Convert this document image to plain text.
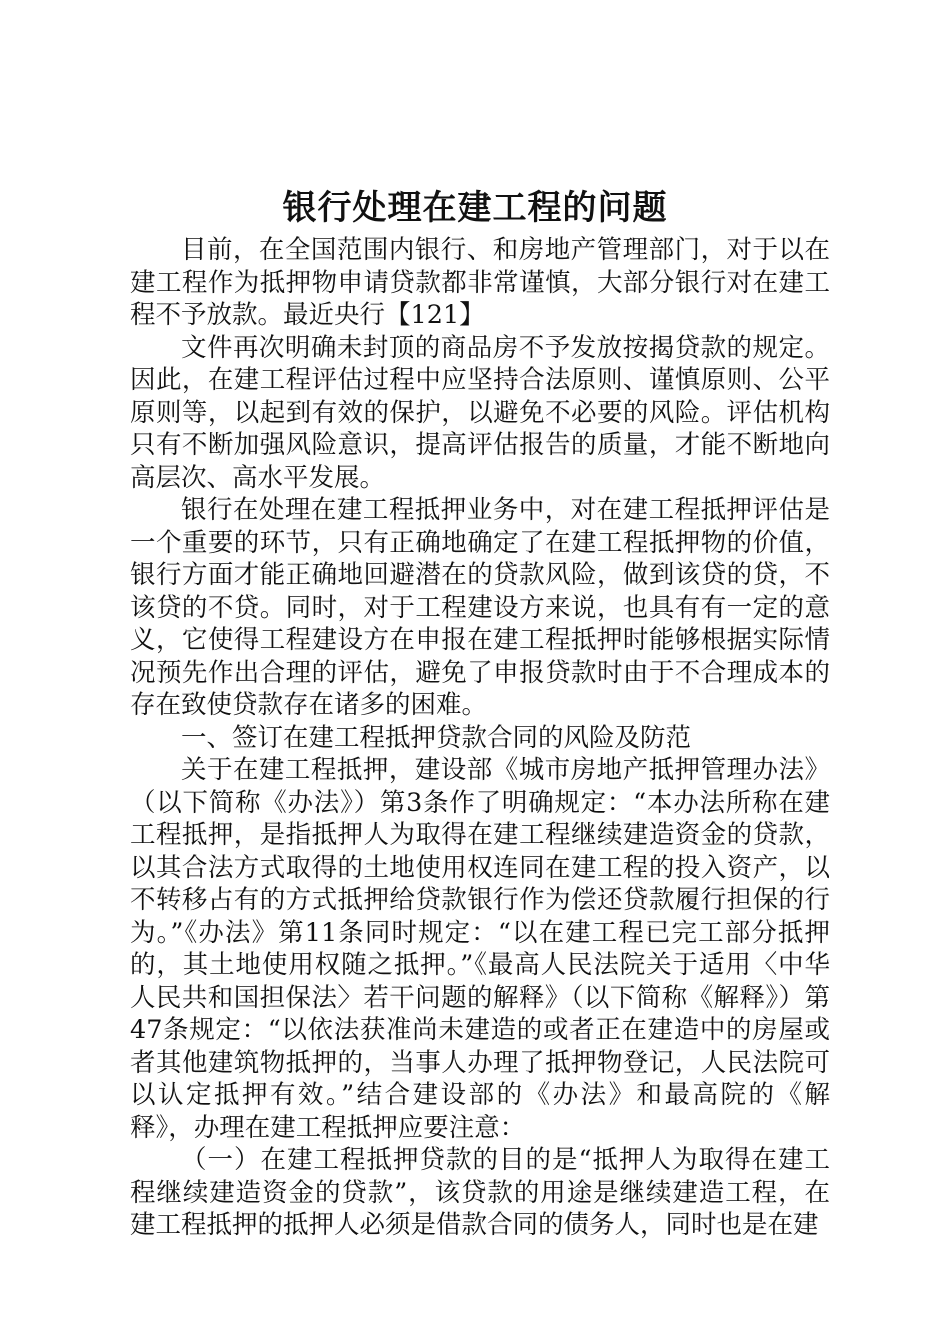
银行处理在建工程的问题

目前，在全国范围内银行、和房地产管理部门，对于以在建工程作为抵押物申请贷款都非常谨慎，大部分银行对在建工程不予放款。最近央行【121】

文件再次明确未封顶的商品房不予发放按揭贷款的规定。因此，在建工程评估过程中应坚持合法原则、谨慎原则、公平原则等，以起到有效的保护，以避免不必要的风险。评估机构只有不断加强风险意识，提高评估报告的质量，才能不断地向高层次、高水平发展。

银行在处理在建工程抵押业务中，对在建工程抵押评估是一个重要的环节，只有正确地确定了在建工程抵押物的价值，银行方面才能正确地回避潜在的贷款风险，做到该贷的贷，不该贷的不贷。同时，对于工程建设方来说，也具有有一定的意义，它使得工程建设方在申报在建工程抵押时能够根据实际情况预先作出合理的评估，避免了申报贷款时由于不合理成本的存在致使贷款存在诸多的困难。

一、签订在建工程抵押贷款合同的风险及防范

关于在建工程抵押，建设部《城市房地产抵押管理办法》（以下简称《办法》）第3条作了明确规定：“本办法所称在建工程抵押，是指抵押人为取得在建工程继续建造资金的贷款，以其合法方式取得的土地使用权连同在建工程的投入资产，以不转移占有的方式抵押给贷款银行作为偿还贷款履行担保的行为。”《办法》第11条同时规定：“以在建工程已完工部分抵押的，其土地使用权随之抵押。”《最高人民法院关于适用〈中华人民共和国担保法〉若干问题的解释》（以下简称《解释》）第47条规定：“以依法获准尚未建造的或者正在建造中的房屋或者其他建筑物抵押的，当事人办理了抵押物登记，人民法院可以认定抵押有效。”结合建设部的《办法》和最高院的《解释》，办理在建工程抵押应要注意：

（一）在建工程抵押贷款的目的是“抵押人为取得在建工程继续建造资金的贷款”，该贷款的用途是继续建造工程，在建工程抵押的抵押人必须是借款合同的债务人，同时也是在建
